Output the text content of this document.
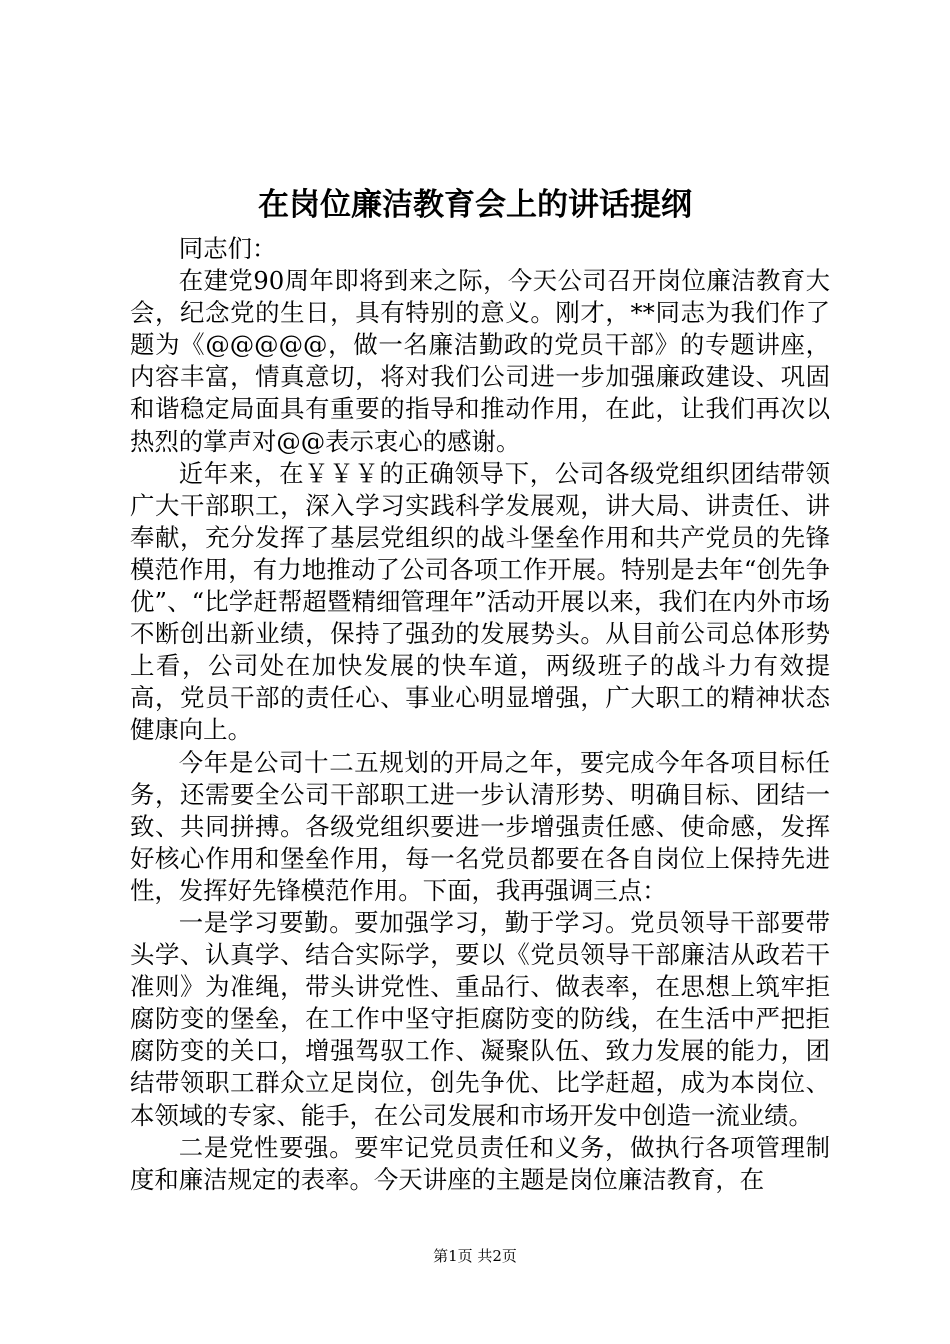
在岗位廉洁教育会上的讲话提纲

同志们：

在建党90周年即将到来之际，今天公司召开岗位廉洁教育大会，纪念党的生日，具有特别的意义。刚才，**同志为我们作了题为《@@@@@，做一名廉洁勤政的党员干部》的专题讲座，内容丰富，情真意切，将对我们公司进一步加强廉政建设、巩固和谐稳定局面具有重要的指导和推动作用，在此，让我们再次以热烈的掌声对@@表示衷心的感谢。

近年来，在￥￥￥的正确领导下，公司各级党组织团结带领广大干部职工，深入学习实践科学发展观，讲大局、讲责任、讲奉献，充分发挥了基层党组织的战斗堡垒作用和共产党员的先锋模范作用，有力地推动了公司各项工作开展。特别是去年“创先争优”、“比学赶帮超暨精细管理年”活动开展以来，我们在内外市场不断创出新业绩，保持了强劲的发展势头。从目前公司总体形势上看，公司处在加快发展的快车道，两级班子的战斗力有效提高，党员干部的责任心、事业心明显增强，广大职工的精神状态健康向上。

今年是公司十二五规划的开局之年，要完成今年各项目标任务，还需要全公司干部职工进一步认清形势、明确目标、团结一致、共同拼搏。各级党组织要进一步增强责任感、使命感，发挥好核心作用和堡垒作用，每一名党员都要在各自岗位上保持先进性，发挥好先锋模范作用。下面，我再强调三点：

一是学习要勤。要加强学习，勤于学习。党员领导干部要带头学、认真学、结合实际学，要以《党员领导干部廉洁从政若干准则》为准绳，带头讲党性、重品行、做表率，在思想上筑牢拒腐防变的堡垒，在工作中坚守拒腐防变的防线，在生活中严把拒腐防变的关口，增强驾驭工作、凝聚队伍、致力发展的能力，团结带领职工群众立足岗位，创先争优、比学赶超，成为本岗位、本领域的专家、能手，在公司发展和市场开发中创造一流业绩。

二是党性要强。要牢记党员责任和义务，做执行各项管理制度和廉洁规定的表率。今天讲座的主题是岗位廉洁教育，在

第1页 共2页
